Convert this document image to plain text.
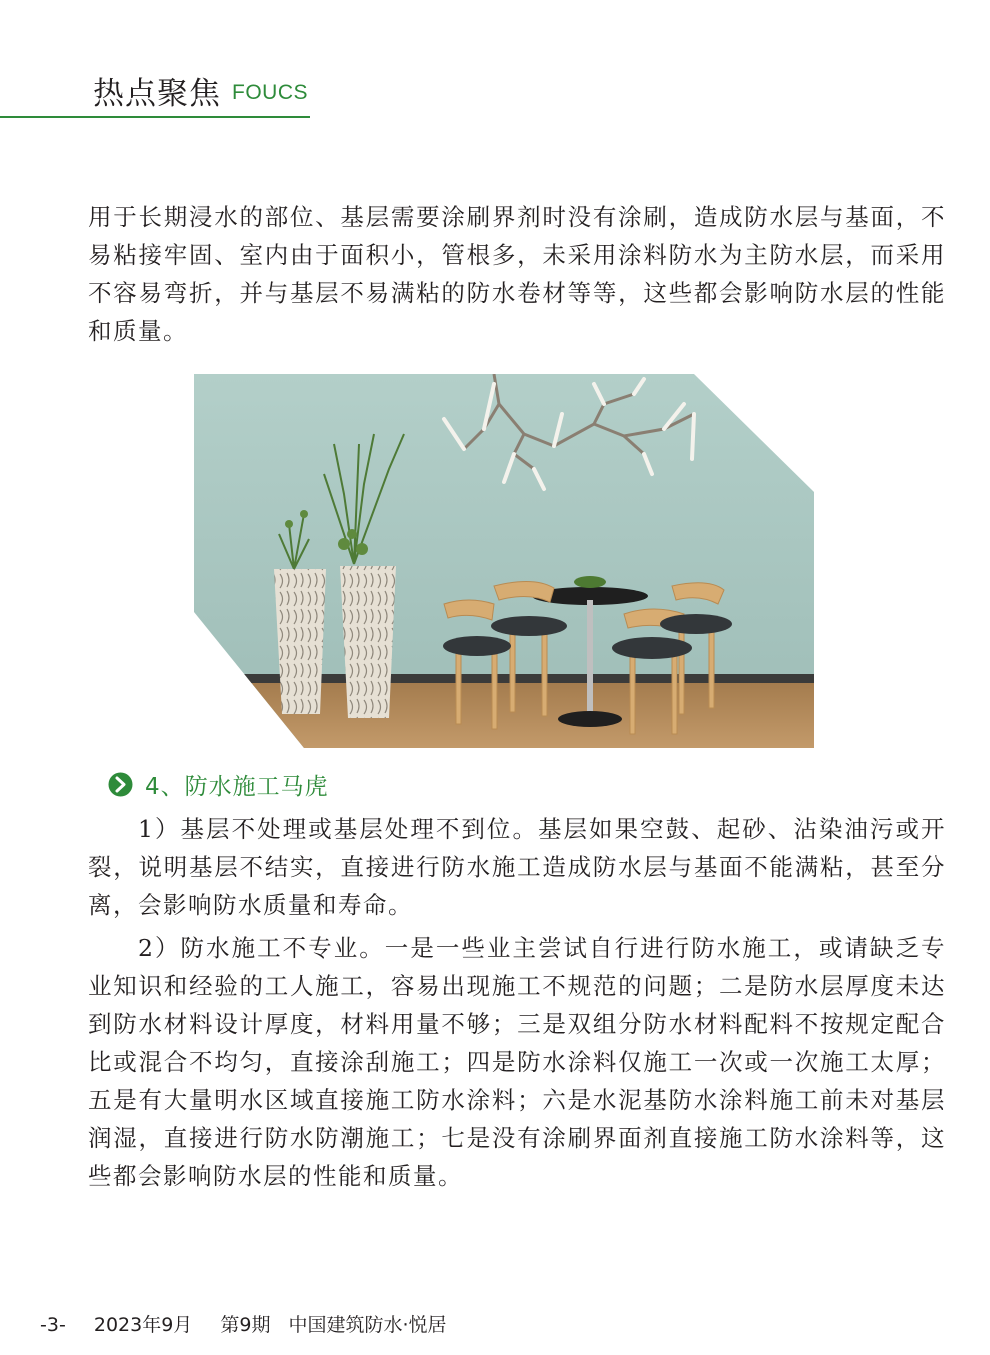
热点聚焦 FOUCS

用于长期浸水的部位、基层需要涂刷界剂时没有涂刷，造成防水层与基面，不易粘接牢固、室内由于面积小，管根多，未采用涂料防水为主防水层，而采用不容易弯折，并与基层不易满粘的防水卷材等等，这些都会影响防水层的性能和质量。

4、防水施工马虎

1）基层不处理或基层处理不到位。基层如果空鼓、起砂、沾染油污或开裂，说明基层不结实，直接进行防水施工造成防水层与基面不能满粘，甚至分离，会影响防水质量和寿命。

2）防水施工不专业。一是一些业主尝试自行进行防水施工，或请缺乏专业知识和经验的工人施工，容易出现施工不规范的问题；二是防水层厚度未达到防水材料设计厚度，材料用量不够；三是双组分防水材料配料不按规定配合比或混合不均匀，直接涂刮施工；四是防水涂料仅施工一次或一次施工太厚；五是有大量明水区域直接施工防水涂料；六是水泥基防水涂料施工前未对基层润湿，直接进行防水防潮施工；七是没有涂刷界面剂直接施工防水涂料等，这些都会影响防水层的性能和质量。

-3- 2023年9月 第9期 中国建筑防水·悦居
